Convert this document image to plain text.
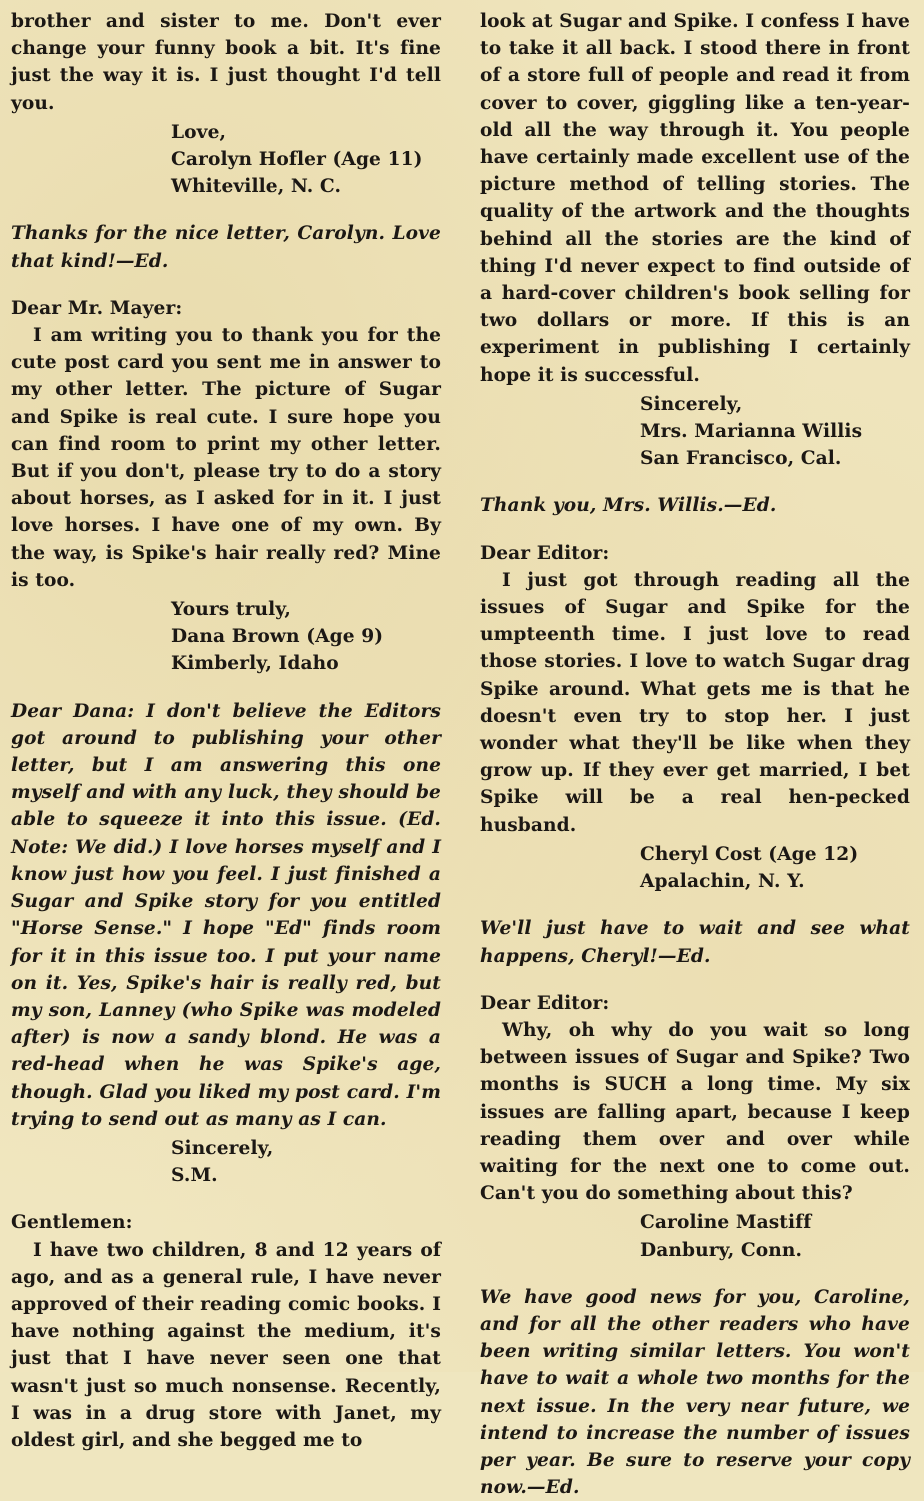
brother and sister to me. Don't ever change your funny book a bit. It's fine just the way it is. I just thought I'd tell you.

Love,

Carolyn Hofler (Age 11)

Whiteville, N. C.

Thanks for the nice letter, Carolyn. Love that kind!—Ed.

Dear Mr. Mayer:

I am writing you to thank you for the cute post card you sent me in answer to my other letter. The picture of Sugar and Spike is real cute. I sure hope you can find room to print my other letter. But if you don't, please try to do a story about horses, as I asked for in it. I just love horses. I have one of my own. By the way, is Spike's hair really red? Mine is too.

Yours truly,

Dana Brown (Age 9)

Kimberly, Idaho

Dear Dana: I don't believe the Editors got around to publishing your other letter, but I am answering this one myself and with any luck, they should be able to squeeze it into this issue. (Ed. Note: We did.) I love horses myself and I know just how you feel. I just finished a Sugar and Spike story for you entitled "Horse Sense." I hope "Ed" finds room for it in this issue too. I put your name on it. Yes, Spike's hair is really red, but my son, Lanney (who Spike was modeled after) is now a sandy blond. He was a red-head when he was Spike's age, though. Glad you liked my post card. I'm trying to send out as many as I can.

Sincerely,

S.M.

Gentlemen:

I have two children, 8 and 12 years of ago, and as a general rule, I have never approved of their reading comic books. I have nothing against the medium, it's just that I have never seen one that wasn't just so much nonsense. Recently, I was in a drug store with Janet, my oldest girl, and she begged me to

look at Sugar and Spike. I confess I have to take it all back. I stood there in front of a store full of people and read it from cover to cover, giggling like a ten-year-old all the way through it. You people have certainly made excellent use of the picture method of telling stories. The quality of the artwork and the thoughts behind all the stories are the kind of thing I'd never expect to find outside of a hard-cover children's book selling for two dollars or more. If this is an experiment in publishing I certainly hope it is successful.

Sincerely,

Mrs. Marianna Willis

San Francisco, Cal.

Thank you, Mrs. Willis.—Ed.

Dear Editor:

I just got through reading all the issues of Sugar and Spike for the umpteenth time. I just love to read those stories. I love to watch Sugar drag Spike around. What gets me is that he doesn't even try to stop her. I just wonder what they'll be like when they grow up. If they ever get married, I bet Spike will be a real hen-pecked husband.

Cheryl Cost (Age 12)

Apalachin, N. Y.

We'll just have to wait and see what happens, Cheryl!—Ed.

Dear Editor:

Why, oh why do you wait so long between issues of Sugar and Spike? Two months is SUCH a long time. My six issues are falling apart, because I keep reading them over and over while waiting for the next one to come out. Can't you do something about this?

Caroline Mastiff

Danbury, Conn.

We have good news for you, Caroline, and for all the other readers who have been writing similar letters. You won't have to wait a whole two months for the next issue. In the very near future, we intend to increase the number of issues per year. Be sure to reserve your copy now.—Ed.
